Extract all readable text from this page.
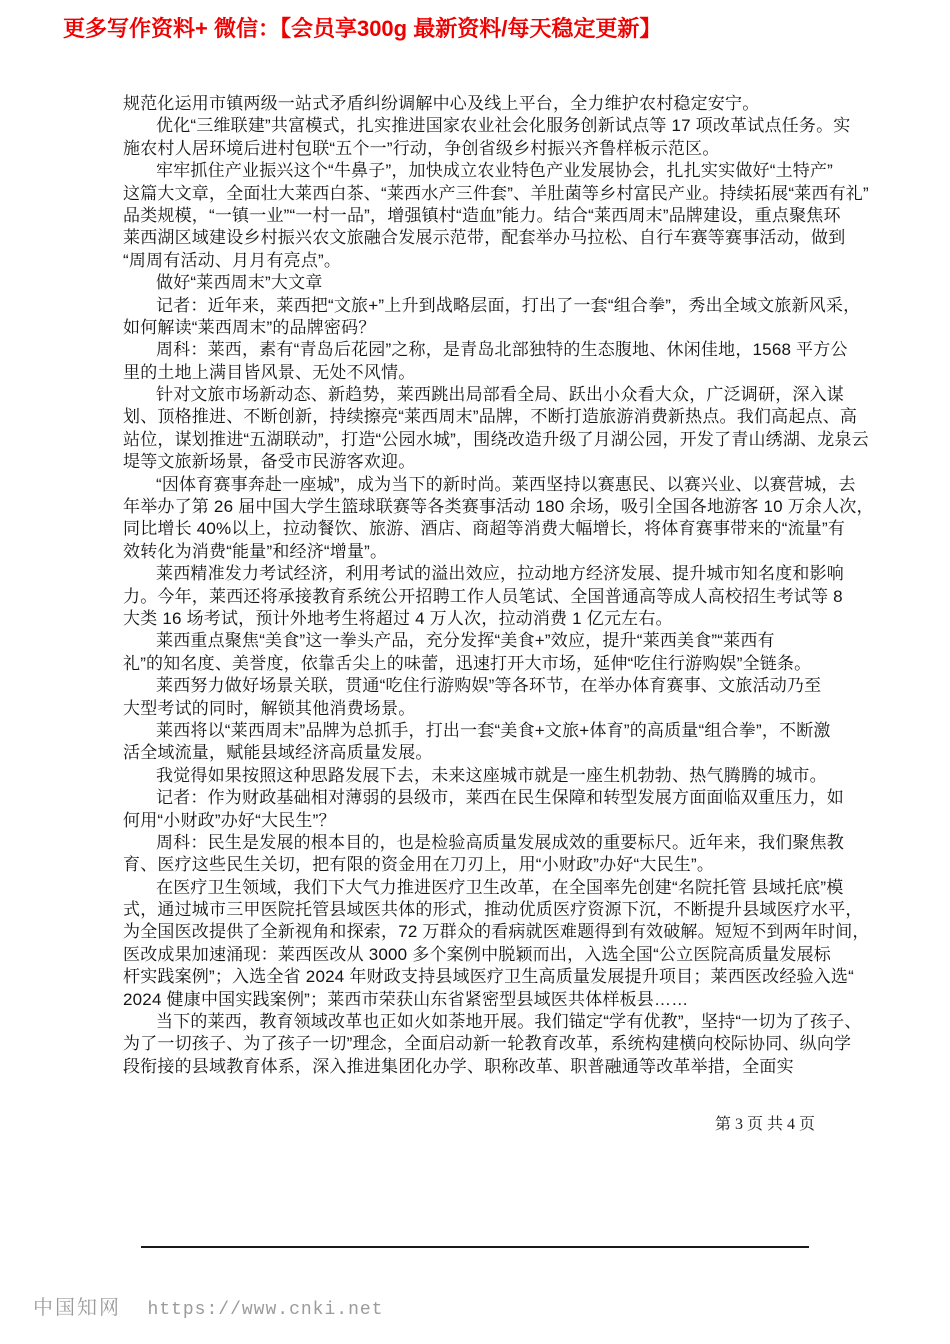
更多写作资料+ 微信：【会员享300g 最新资料/每天稳定更新】
规范化运用市镇两级一站式矛盾纠纷调解中心及线上平台，全力维护农村稳定安宁。
优化“三维联建”共富模式，扎实推进国家农业社会化服务创新试点等 17 项改革试点任务。实
施农村人居环境后进村包联“五个一”行动，争创省级乡村振兴齐鲁样板示范区。
牢牢抓住产业振兴这个“牛鼻子”，加快成立农业特色产业发展协会，扎扎实实做好“土特产”
这篇大文章，全面壮大莱西白茶、“莱西水产三件套”、羊肚菌等乡村富民产业。持续拓展“莱西有礼”
品类规模，“一镇一业”“一村一品”，增强镇村“造血”能力。结合“莱西周末”品牌建设，重点聚焦环
莱西湖区域建设乡村振兴农文旅融合发展示范带，配套举办马拉松、自行车赛等赛事活动，做到
“周周有活动、月月有亮点”。
做好“莱西周末”大文章
记者：近年来，莱西把“文旅+”上升到战略层面，打出了一套“组合拳”，秀出全域文旅新风采，
如何解读“莱西周末”的品牌密码？
周科：莱西，素有“青岛后花园”之称，是青岛北部独特的生态腹地、休闲佳地，1568 平方公
里的土地上满目皆风景、无处不风情。
针对文旅市场新动态、新趋势，莱西跳出局部看全局、跃出小众看大众，广泛调研，深入谋
划、顶格推进、不断创新，持续擦亮“莱西周末”品牌，不断打造旅游消费新热点。我们高起点、高
站位，谋划推进“五湖联动”，打造“公园水城”，围绕改造升级了月湖公园，开发了青山绣湖、龙泉云
堤等文旅新场景，备受市民游客欢迎。
“因体育赛事奔赴一座城”，成为当下的新时尚。莱西坚持以赛惠民、以赛兴业、以赛营城，去
年举办了第 26 届中国大学生篮球联赛等各类赛事活动 180 余场，吸引全国各地游客 10 万余人次，
同比增长 40%以上，拉动餐饮、旅游、酒店、商超等消费大幅增长，将体育赛事带来的“流量”有
效转化为消费“能量”和经济“增量”。
莱西精准发力考试经济，利用考试的溢出效应，拉动地方经济发展、提升城市知名度和影响
力。今年，莱西还将承接教育系统公开招聘工作人员笔试、全国普通高等成人高校招生考试等 8
大类 16 场考试，预计外地考生将超过 4 万人次，拉动消费 1 亿元左右。
莱西重点聚焦“美食”这一拳头产品，充分发挥“美食+”效应，提升“莱西美食”“莱西有
礼”的知名度、美誉度，依靠舌尖上的味蕾，迅速打开大市场，延伸“吃住行游购娱”全链条。
莱西努力做好场景关联，贯通“吃住行游购娱”等各环节，在举办体育赛事、文旅活动乃至
大型考试的同时，解锁其他消费场景。
莱西将以“莱西周末”品牌为总抓手，打出一套“美食+文旅+体育”的高质量“组合拳”，不断激
活全域流量，赋能县域经济高质量发展。
我觉得如果按照这种思路发展下去，未来这座城市就是一座生机勃勃、热气腾腾的城市。
记者：作为财政基础相对薄弱的县级市，莱西在民生保障和转型发展方面面临双重压力，如
何用“小财政”办好“大民生”？
周科：民生是发展的根本目的，也是检验高质量发展成效的重要标尺。近年来，我们聚焦教
育、医疗这些民生关切，把有限的资金用在刀刃上，用“小财政”办好“大民生”。
在医疗卫生领域，我们下大气力推进医疗卫生改革，在全国率先创建“名院托管 县域托底”模
式，通过城市三甲医院托管县域医共体的形式，推动优质医疗资源下沉，不断提升县域医疗水平，
为全国医改提供了全新视角和探索，72 万群众的看病就医难题得到有效破解。短短不到两年时间，
医改成果加速涌现：莱西医改从 3000 多个案例中脱颖而出，入选全国“公立医院高质量发展标
杆实践案例”；入选全省 2024 年财政支持县域医疗卫生高质量发展提升项目；莱西医改经验入选“
2024 健康中国实践案例”；莱西市荣获山东省紧密型县域医共体样板县……
当下的莱西，教育领域改革也正如火如荼地开展。我们锚定“学有优教”，坚持“一切为了孩子、
为了一切孩子、为了孩子一切”理念，全面启动新一轮教育改革，系统构建横向校际协同、纵向学
段衔接的县域教育体系，深入推进集团化办学、职称改革、职普融通等改革举措，全面实
第 3 页 共 4 页
中国知网 https://www.cnki.net
